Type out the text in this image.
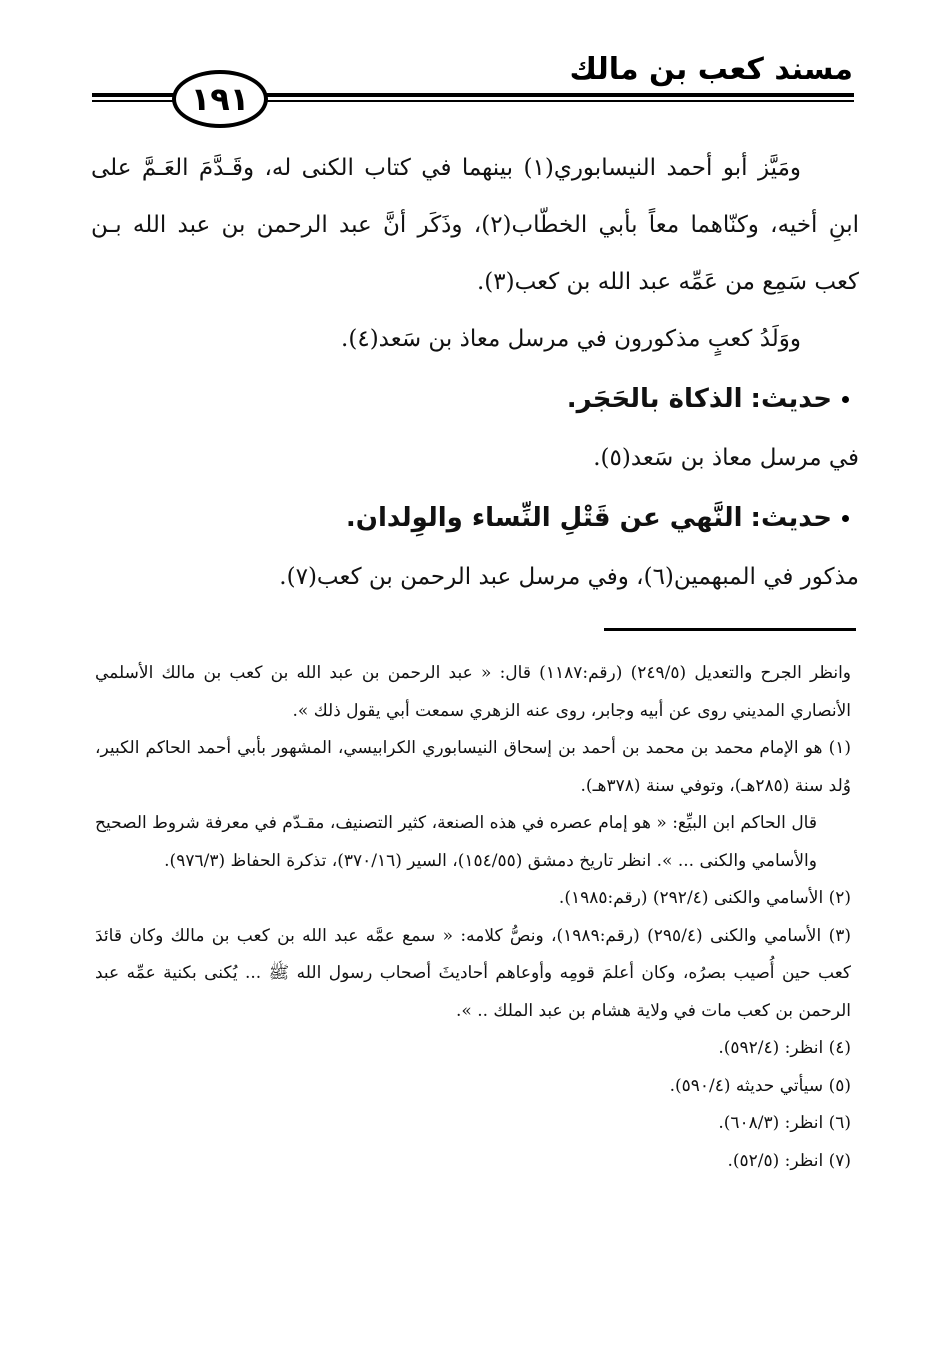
مسند كعب بن مالك
١٩١

ومَيَّز أبو أحمد النيسابوري(١) بينهما في كتاب الكنى له، وقَـدَّمَ العَـمَّ على ابنِ أخيه، وكنّاهما معاً بأبي الخطّاب(٢)، وذَكَر أنَّ عبد الرحمن بن عبد الله بـن كعب سَمِع من عَمِّه عبد الله بن كعب(٣).

ووَلَدُ كعبٍ مذكورون في مرسل معاذ بن سَعد(٤).

حديث:الذكاة بالحَجَر.

في مرسل معاذ بن سَعد(٥).

حديث:النَّهي عن قَتْلِ النِّساء والوِلدان.

مذكور في المبهمين(٦)، وفي مرسل عبد الرحمن بن كعب(٧).

وانظر الجرح والتعديل (٢٤٩/٥) (رقم:١١٨٧) قال: « عبد الرحمن بن عبد الله بن كعب بن مالك الأسلمي الأنصاري المديني روى عن أبيه وجابر، روى عنه الزهري سمعت أبي يقول ذلك ».

(١) هو الإمام محمد بن محمد بن أحمد بن إسحاق النيسابوري الكرابيسي، المشهور بأبي أحمد الحاكم الكبير، وُلد سنة (٢٨٥هـ)، وتوفي سنة (٣٧٨هـ).

قال الحاكم ابن البيِّع: « هو إمام عصره في هذه الصنعة، كثير التصنيف، مقـدّم في معرفة شروط الصحيح والأسامي والكنى ... ». انظر تاريخ دمشق (١٥٤/٥٥)، السير (٣٧٠/١٦)، تذكرة الحفاظ (٩٧٦/٣).

(٢) الأسامي والكنى (٢٩٢/٤) (رقم:١٩٨٥).

(٣) الأسامي والكنى (٢٩٥/٤) (رقم:١٩٨٩)، ونصُّ كلامه: « سمع عمَّه عبد الله بن كعب بن مالك وكان قائدَ كعب حين أُصيب بصرُه، وكان أعلمَ قومِه وأوعاهم أحاديثَ أصحاب رسول الله ﷺ ... يُكنى بكنية عمِّه عبد الرحمن بن كعب مات في ولاية هشام بن عبد الملك .. ».

(٤) انظر: (٥٩٢/٤).

(٥) سيأتي حديثه (٥٩٠/٤).

(٦) انظر: (٦٠٨/٣).

(٧) انظر: (٥٢/٥).
